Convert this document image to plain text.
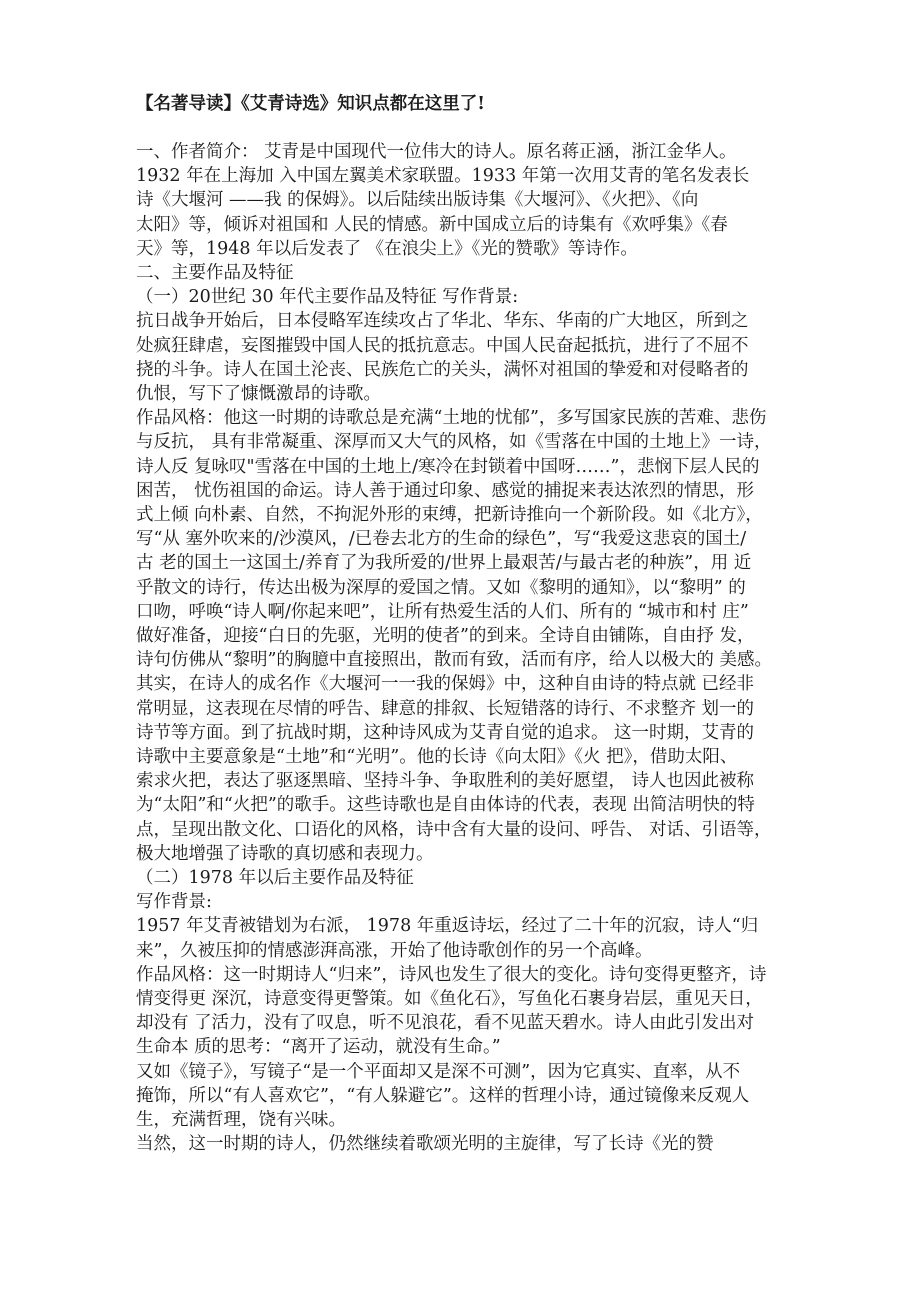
【名著导读】《艾青诗选》知识点都在这里了!
一、作者简介： 艾青是中国现代一位伟大的诗人。原名蒋正涵，浙江金华人。
1932 年在上海加 入中国左翼美术家联盟。1933 年第一次用艾青的笔名发表长
诗《大堰河 ——我 的保姆》。以后陆续出版诗集《大堰河》、《火把》、《向
太阳》等，倾诉对祖国和 人民的情感。新中国成立后的诗集有《欢呼集》《春
天》等，1948 年以后发表了 《在浪尖上》《光的赞歌》等诗作。
二、主要作品及特征
（一）20世纪 30 年代主要作品及特征 写作背景:
抗日战争开始后，日本侵略军连续攻占了华北、华东、华南的广大地区，所到之
处疯狂肆虐，妄图摧毁中国人民的抵抗意志。中国人民奋起抵抗，进行了不屈不
挠的斗争。诗人在国土沦丧、民族危亡的关头，满怀对祖国的挚爱和对侵略者的
仇恨，写下了慷慨激昂的诗歌。
作品风格：他这一时期的诗歌总是充满“土地的忧郁”，多写国家民族的苦难、悲伤
与反抗， 具有非常凝重、深厚而又大气的风格，如《雪落在中国的土地上》一诗，
诗人反 复咏叹"雪落在中国的土地上/寒冷在封锁着中国呀……”，悲悯下层人民的
困苦， 忧伤祖国的命运。诗人善于通过印象、感觉的捕捉来表达浓烈的情思，形
式上倾 向朴素、自然，不拘泥外形的束缚，把新诗推向一个新阶段。如《北方》，
写“从 塞外吹来的/沙漠风，/已卷去北方的生命的绿色”，写“我爱这悲哀的国土/
古 老的国土一这国土/养育了为我所爱的/世界上最艰苦/与最古老的种族”，用 近
乎散文的诗行，传达出极为深厚的爱国之情。又如《黎明的通知》，以“黎明” 的
口吻，呼唤“诗人啊/你起来吧”，让所有热爱生活的人们、所有的 “城市和村 庄”
做好准备，迎接“白日的先驱，光明的使者”的到来。全诗自由铺陈，自由抒 发，
诗句仿佛从“黎明”的胸臆中直接照出，散而有致，活而有序，给人以极大的 美感。
其实，在诗人的成名作《大堰河一一我的保姆》中，这种自由诗的特点就 已经非
常明显，这表现在尽情的呼告、肆意的排叙、长短错落的诗行、不求整齐 划一的
诗节等方面。到了抗战时期，这种诗风成为艾青自觉的追求。 这一时期，艾青的
诗歌中主要意象是“土地”和“光明”。他的长诗《向太阳》《火 把》，借助太阳、
索求火把，表达了驱逐黑暗、坚持斗争、争取胜利的美好愿望， 诗人也因此被称
为“太阳”和“火把”的歌手。这些诗歌也是自由体诗的代表，表现 出简洁明快的特
点，呈现出散文化、口语化的风格，诗中含有大量的设问、呼告、 对话、引语等，
极大地增强了诗歌的真切感和表现力。
（二）1978 年以后主要作品及特征
写作背景:
1957 年艾青被错划为右派， 1978 年重返诗坛，经过了二十年的沉寂，诗人“归
来”，久被压抑的情感澎湃高涨，开始了他诗歌创作的另一个高峰。
作品风格：这一时期诗人“归来”，诗风也发生了很大的变化。诗句变得更整齐，诗
情变得更 深沉，诗意变得更警策。如《鱼化石》，写鱼化石裹身岩层，重见天日，
却没有 了活力，没有了叹息，听不见浪花，看不见蓝天碧水。诗人由此引发出对
生命本 质的思考：“离开了运动，就没有生命。”
又如《镜子》，写镜子“是一个平面却又是深不可测”，因为它真实、直率，从不
掩饰，所以“有人喜欢它”，“有人躲避它”。这样的哲理小诗，通过镜像来反观人
生，充满哲理，饶有兴味。
当然，这一时期的诗人，仍然继续着歌颂光明的主旋律，写了长诗《光的赞
